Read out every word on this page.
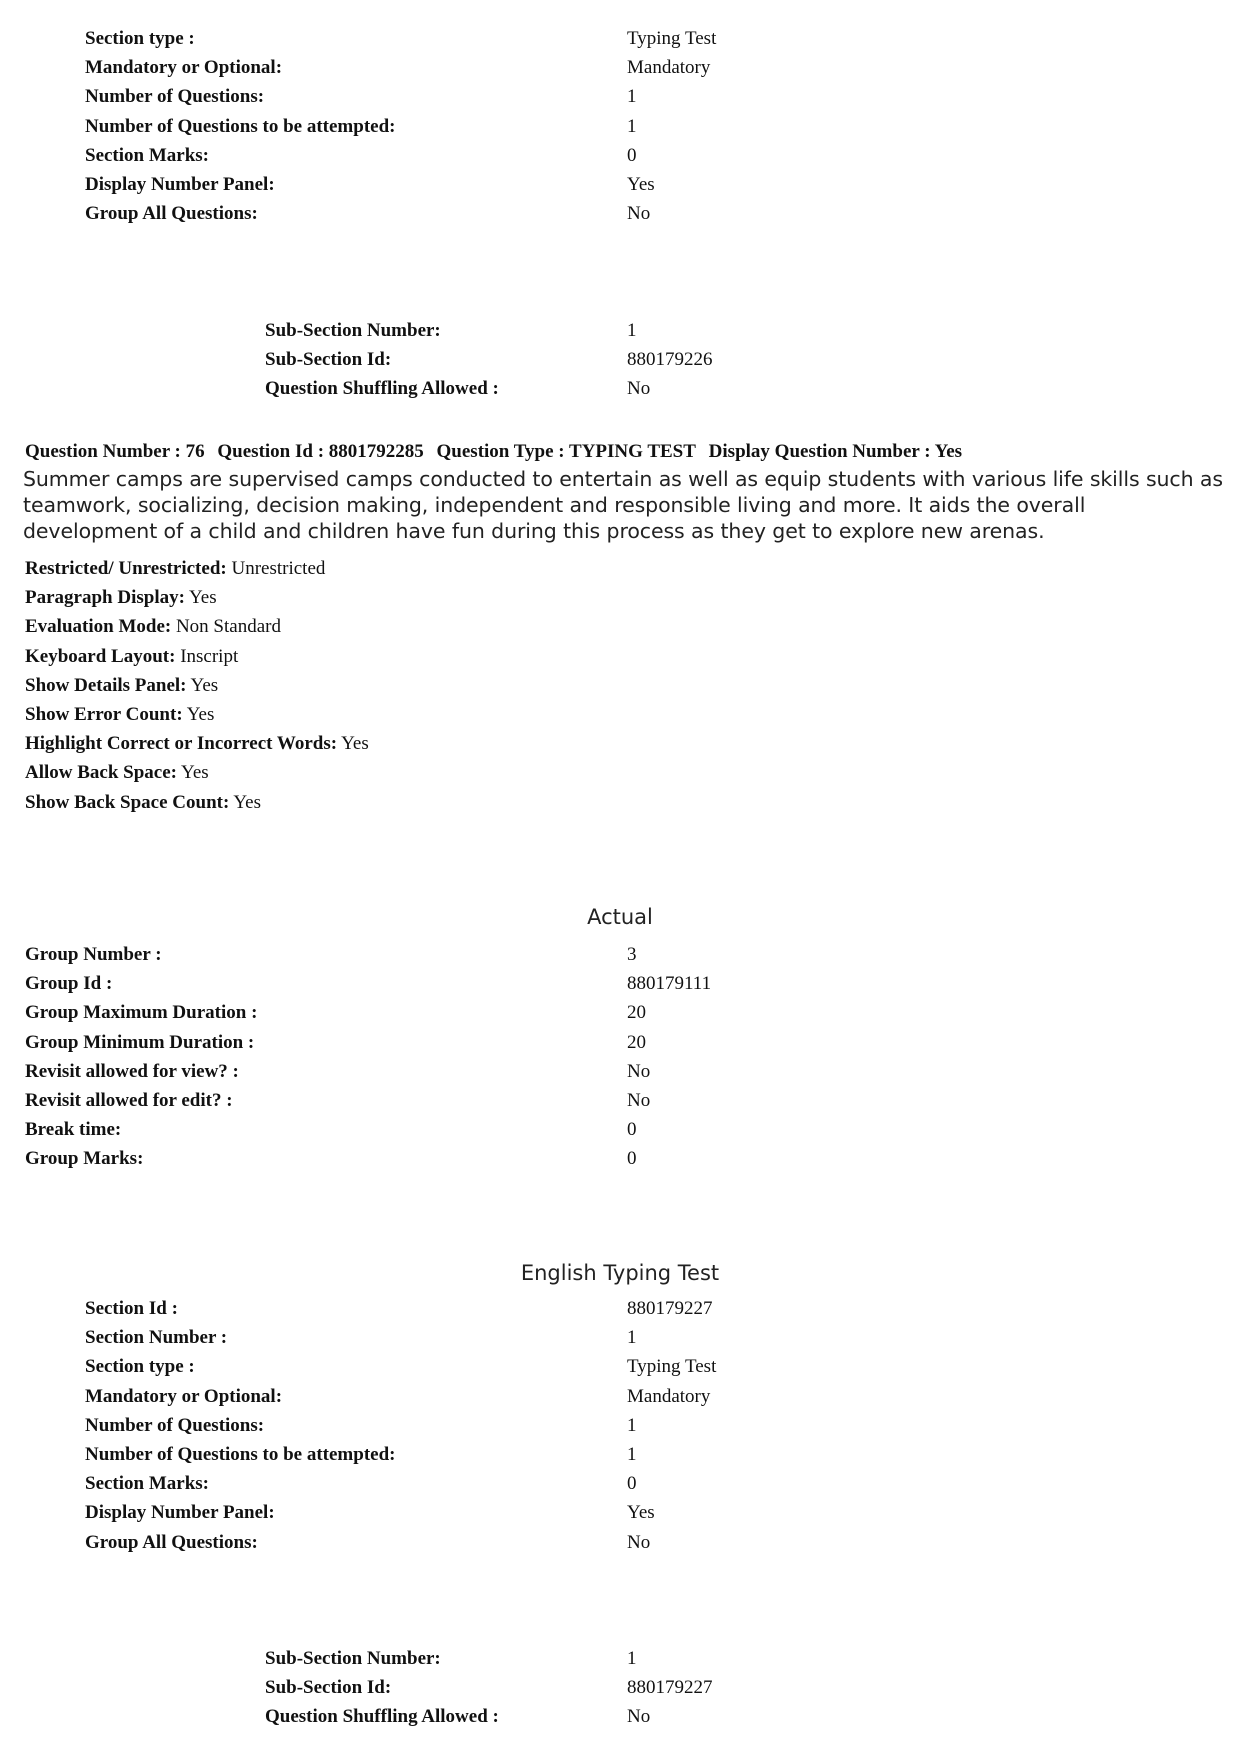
Section type :	Typing Test
Mandatory or Optional:	Mandatory
Number of Questions:	1
Number of Questions to be attempted:	1
Section Marks:	0
Display Number Panel:	Yes
Group All Questions:	No
Sub-Section Number:	1
Sub-Section Id:	880179226
Question Shuffling Allowed :	No
Question Number : 76 Question Id : 8801792285 Question Type : TYPING TEST Display Question Number : Yes
Summer camps are supervised camps conducted to entertain as well as equip students with various life skills such as teamwork, socializing, decision making, independent and responsible living and more. It aids the overall development of a child and children have fun during this process as they get to explore new arenas.
Restricted/ Unrestricted: Unrestricted
Paragraph Display: Yes
Evaluation Mode: Non Standard
Keyboard Layout: Inscript
Show Details Panel: Yes
Show Error Count: Yes
Highlight Correct or Incorrect Words: Yes
Allow Back Space: Yes
Show Back Space Count: Yes
Actual
Group Number :	3
Group Id :	880179111
Group Maximum Duration :	20
Group Minimum Duration :	20
Revisit allowed for view? :	No
Revisit allowed for edit? :	No
Break time:	0
Group Marks:	0
English Typing Test
Section Id :	880179227
Section Number :	1
Section type :	Typing Test
Mandatory or Optional:	Mandatory
Number of Questions:	1
Number of Questions to be attempted:	1
Section Marks:	0
Display Number Panel:	Yes
Group All Questions:	No
Sub-Section Number:	1
Sub-Section Id:	880179227
Question Shuffling Allowed :	No
